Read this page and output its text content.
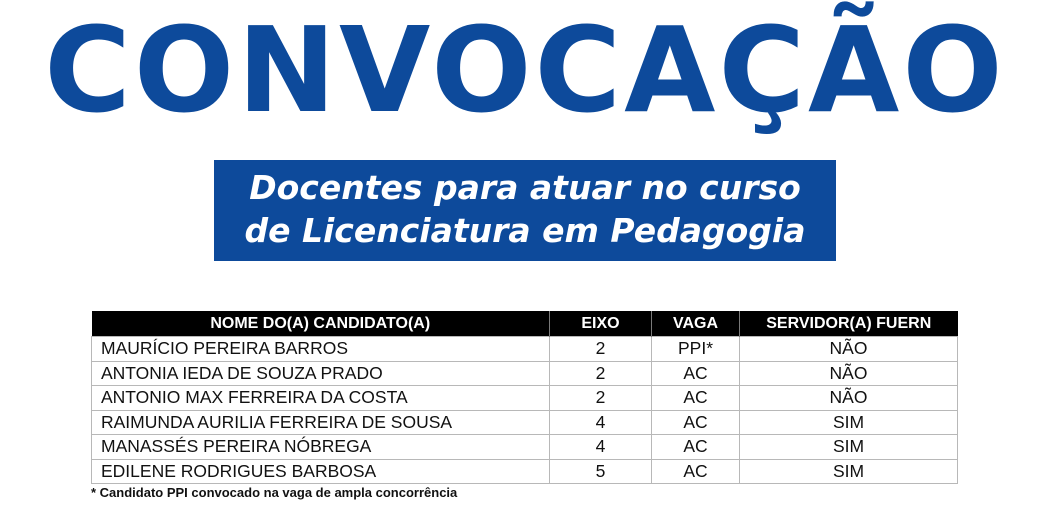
CONVOCAÇÃO
Docentes para atuar no curso
de Licenciatura em Pedagogia
NOME DO(A) CANDIDATO(A)	EIXO	VAGA	SERVIDOR(A) FUERN
MAURÍCIO PEREIRA BARROS	2	PPI*	NÃO
ANTONIA IEDA DE SOUZA PRADO	2	AC	NÃO
ANTONIO MAX FERREIRA DA COSTA	2	AC	NÃO
RAIMUNDA AURILIA FERREIRA DE SOUSA	4	AC	SIM
MANASSÉS PEREIRA NÓBREGA	4	AC	SIM
EDILENE RODRIGUES BARBOSA	5	AC	SIM
* Candidato PPI convocado na vaga de ampla concorrência
